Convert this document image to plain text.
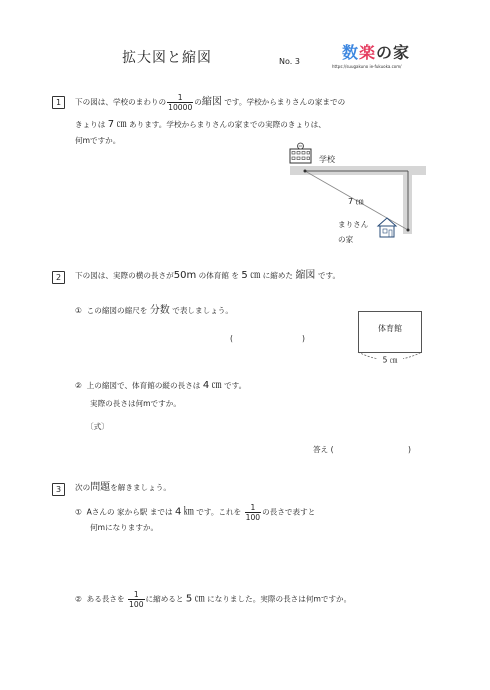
拡大図と縮図	No. 3	数楽の家
https://suugakuno ie-fukuoka.com/
1	下の図は、学校のまわりの $\frac{1}{10000}$ の縮図 です。学校からまりさんの家までの
きょりは 7 ㎝ あります。学校からまりさんの家までの実際のきょりは、
何mですか。
学校
7 ㎝
まりさん
の家
2	下の図は、実際の横の長さが50m の体育館 を 5 ㎝ に縮めた 縮図 です。
① この縮図の縮尺を 分数 で表しましょう。
(	)
体育館
5 ㎝
② 上の縮図で、体育館の縦の長さは 4 ㎝ です。
実際の長さは何mですか。
〔式〕
答え (	)
3	次の問題を解きましょう。
① Aさんの 家から駅 までは 4 ㎞ です。これを $\frac{1}{100}$ の長さで表すと
何mになりますか。
② ある長さを $\frac{1}{100}$ に縮めると 5 ㎝ になりました。実際の長さは何mですか。
